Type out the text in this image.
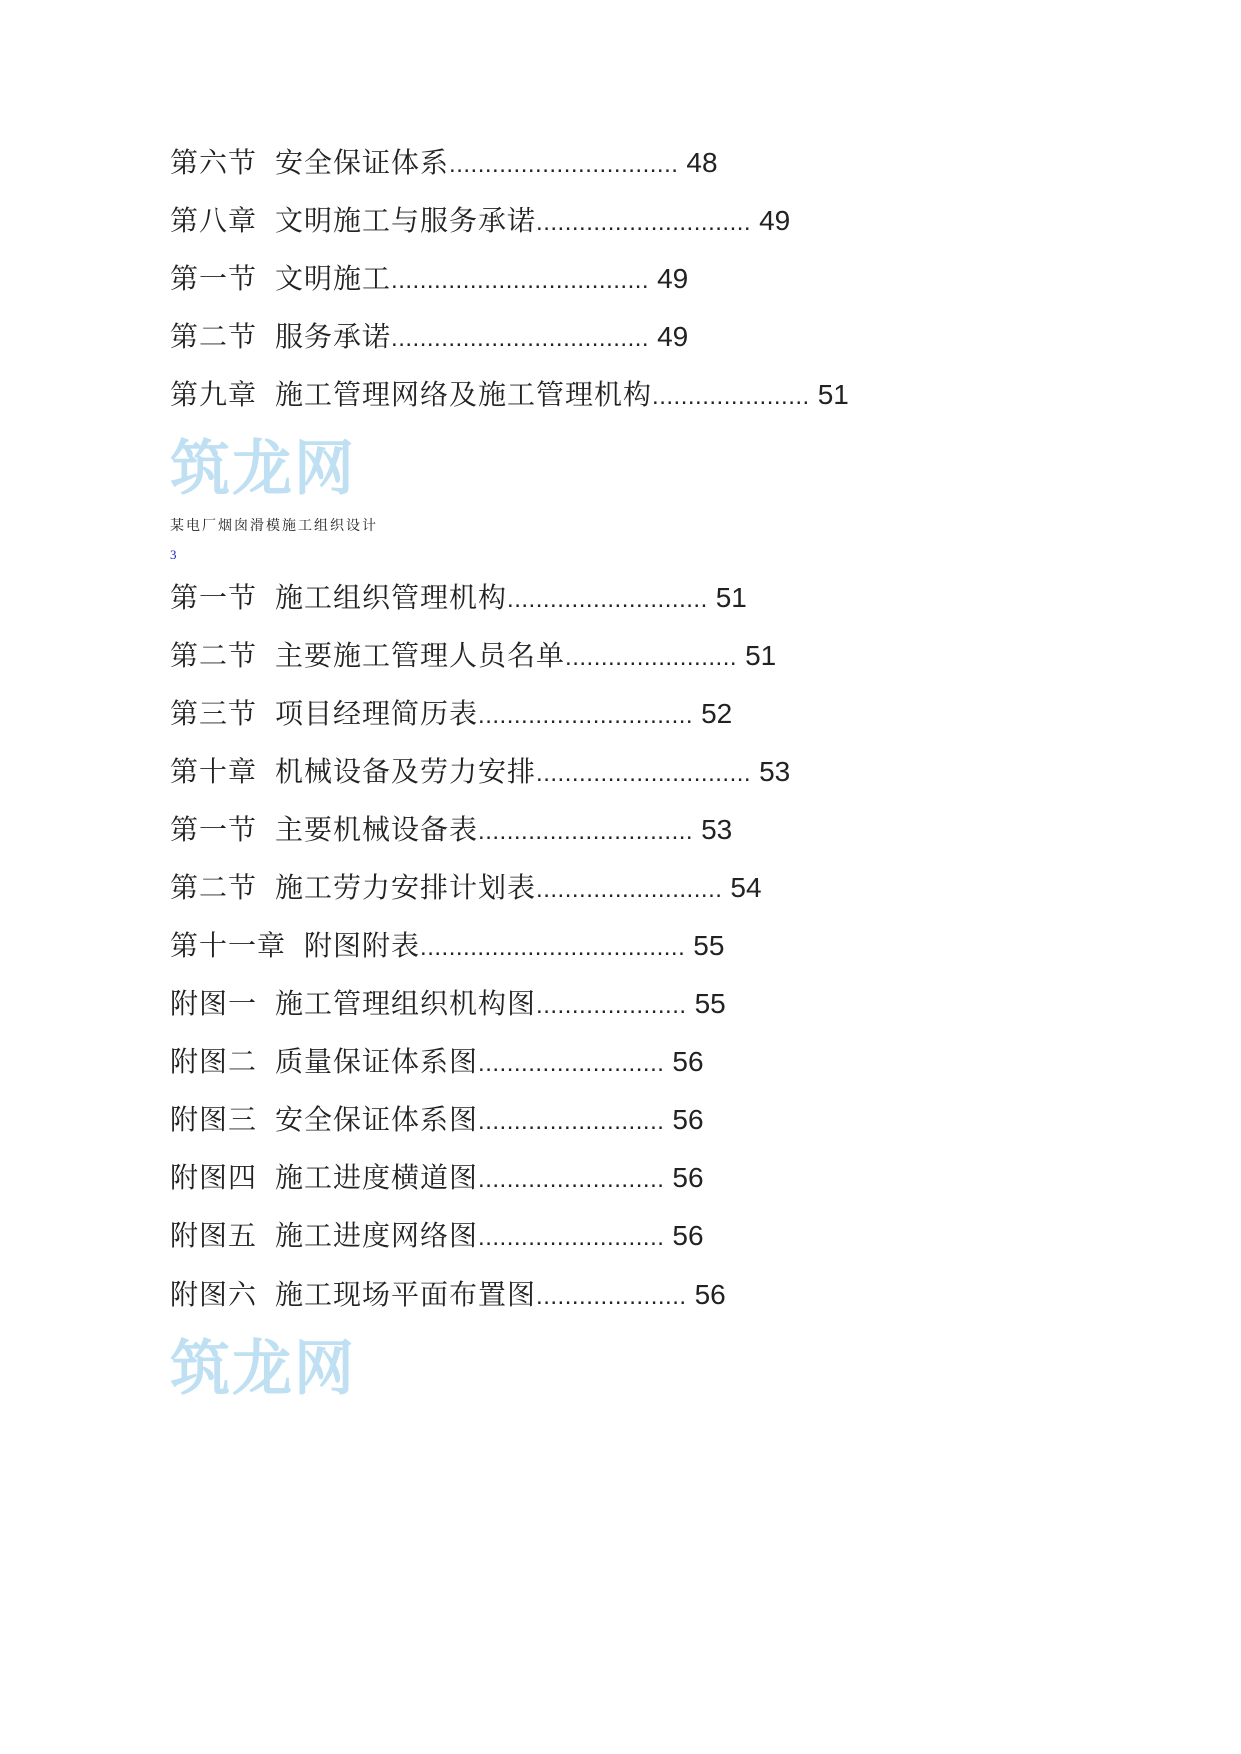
第六节 安全保证体系 ................................ 48
第八章 文明施工与服务承诺 .............................. 49
第一节 文明施工 .................................... 49
第二节 服务承诺 .................................... 49
第九章 施工管理网络及施工管理机构 ...................... 51
筑龙网
某电厂烟囱滑模施工组织设计
3
第一节 施工组织管理机构 ............................ 51
第二节 主要施工管理人员名单 ........................ 51
第三节 项目经理简历表 .............................. 52
第十章 机械设备及劳力安排 .............................. 53
第一节 主要机械设备表 .............................. 53
第二节 施工劳力安排计划表 .......................... 54
第十一章 附图附表 ..................................... 55
附图一 施工管理组织机构图 ..................... 55
附图二 质量保证体系图 .......................... 56
附图三 安全保证体系图 .......................... 56
附图四 施工进度横道图 .......................... 56
附图五 施工进度网络图 .......................... 56
附图六 施工现场平面布置图 ..................... 56
筑龙网
